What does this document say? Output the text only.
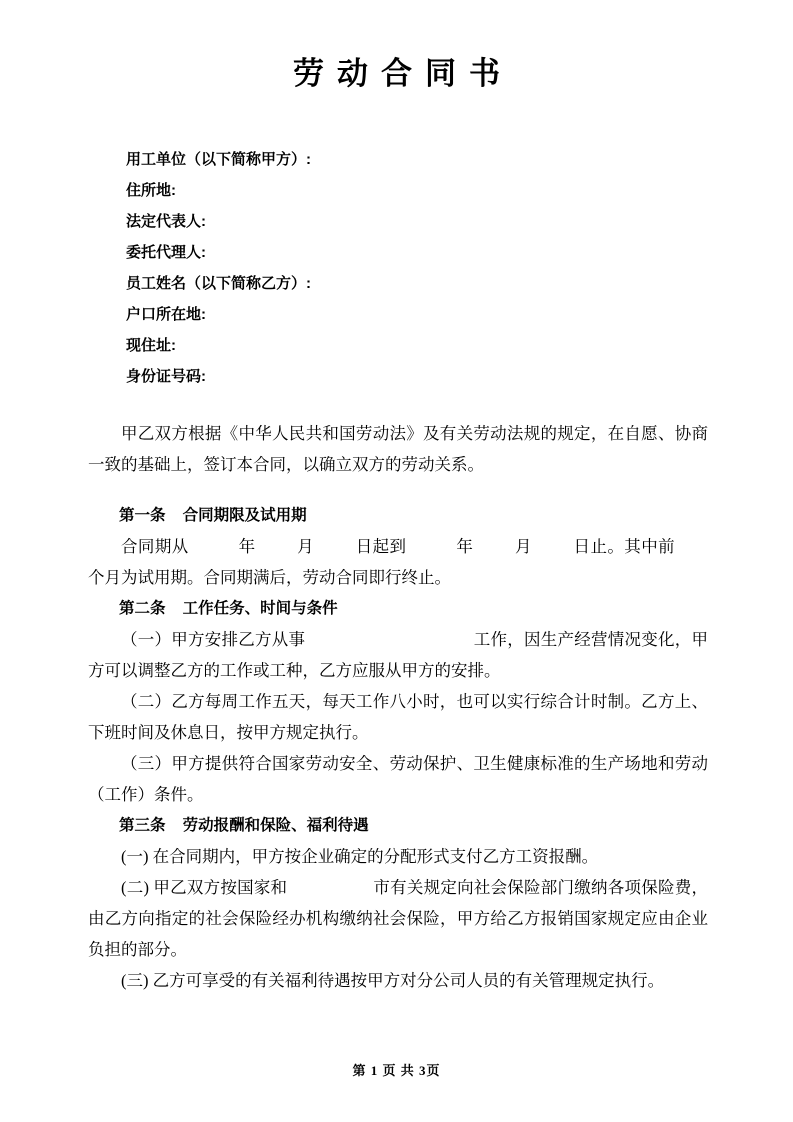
劳动合同书
用工单位（以下简称甲方）:
住所地:
法定代表人:
委托代理人:
员工姓名（以下简称乙方）:
户口所在地:
现住址:
身份证号码:

甲乙双方根据《中华人民共和国劳动法》及有关劳动法规的规定，在自愿、协商一致的基础上，签订本合同，以确立双方的劳动关系。

第一条 合同期限及试用期

合同期从	年	月	日起到	年	月	日止。其中前 个月为试用期。合同期满后，劳动合同即行终止。

第二条 工作任务、时间与条件

（一）甲方安排乙方从事	工作，因生产经营情况变化，甲方可以调整乙方的工作或工种，乙方应服从甲方的安排。

（二）乙方每周工作五天，每天工作八小时，也可以实行综合计时制。乙方上、下班时间及休息日，按甲方规定执行。

（三）甲方提供符合国家劳动安全、劳动保护、卫生健康标准的生产场地和劳动（工作）条件。

第三条 劳动报酬和保险、福利待遇

(一) 在合同期内，甲方按企业确定的分配形式支付乙方工资报酬。

(二) 甲乙双方按国家和	市有关规定向社会保险部门缴纳各项保险费，由乙方向指定的社会保险经办机构缴纳社会保险，甲方给乙方报销国家规定应由企业负担的部分。

(三) 乙方可享受的有关福利待遇按甲方对分公司人员的有关管理规定执行。

第 1 页 共 3页
